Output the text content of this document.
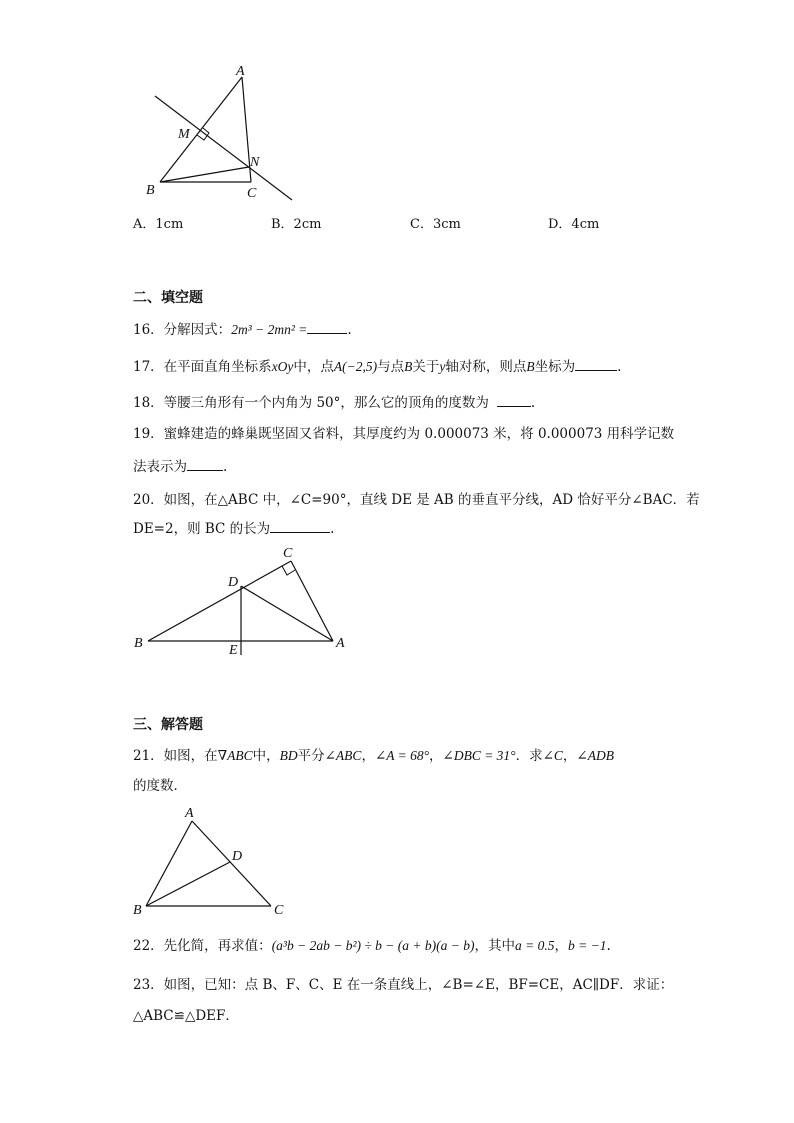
A
M
N
B	C
A．1cm	B．2cm	C．3cm	D．4cm
二、填空题
16．分解因式：2m³ − 2mn² =	.
17．在平面直角坐标系xOy中，点A(−2,5)与点B关于y轴对称，则点B坐标为	.
18．等腰三角形有一个内角为 50°，那么它的顶角的度数为	.
19．蜜蜂建造的蜂巢既坚固又省料，其厚度约为 0.000073 米，将 0.000073 用科学记数
法表示为	.
20．如图，在△ABC 中，∠C=90°，直线 DE 是 AB 的垂直平分线，AD 恰好平分∠BAC．若
DE=2，则 BC 的长为	.
C
D
B	E	A
三、解答题
21．如图，在∇ABC中，BD平分∠ABC，∠A = 68°，∠DBC = 31°．求∠C，∠ADB
的度数．
A
D
B	C
22．先化简，再求值：(a³b − 2ab − b²) ÷ b − (a + b)(a − b)，其中a = 0.5，b = −1.
23．如图，已知：点 B、F、C、E 在一条直线上，∠B=∠E，BF=CE，AC∥DF．求证：
△ABC≌△DEF．
